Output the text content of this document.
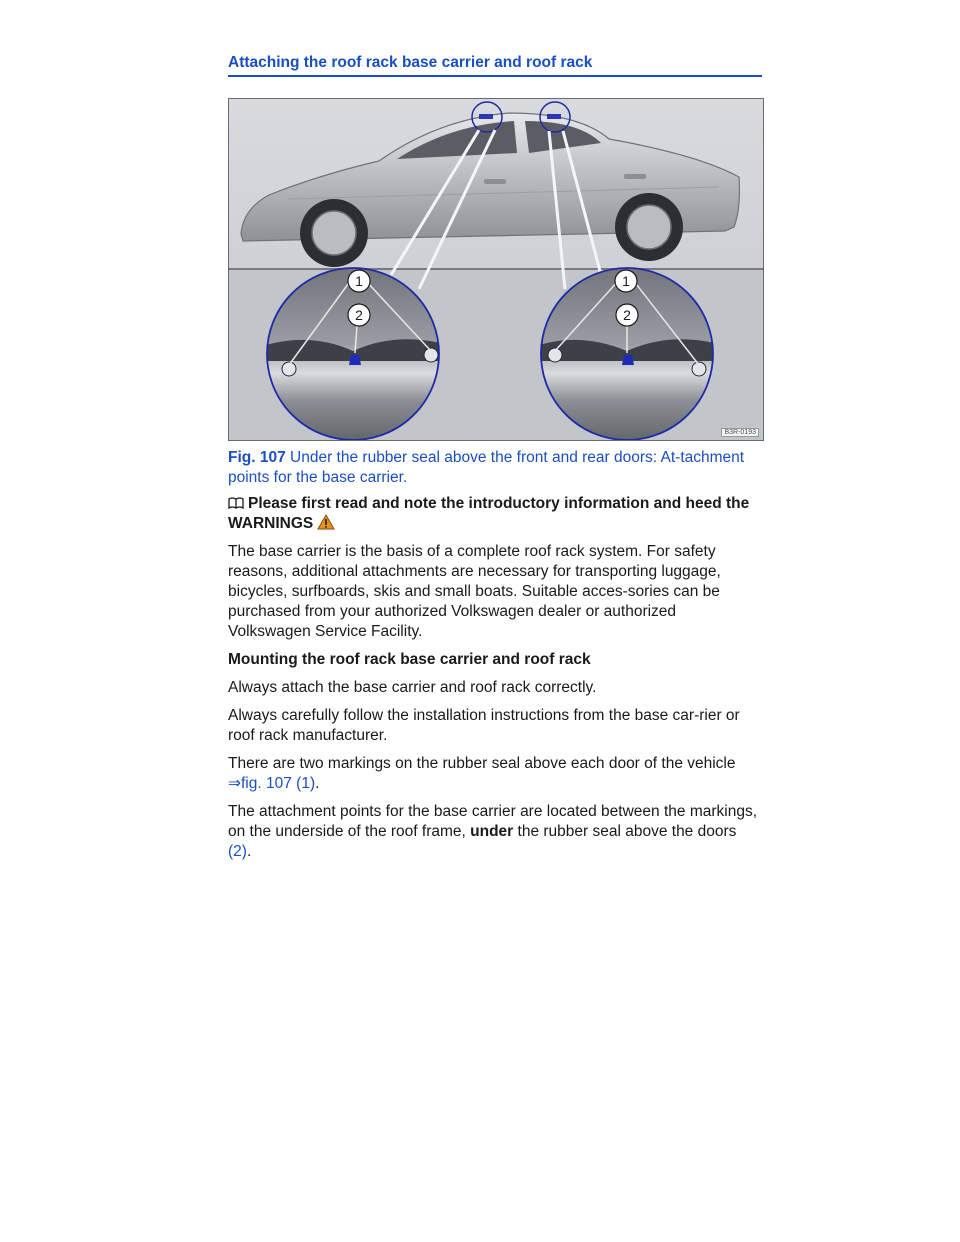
Attaching the roof rack base carrier and roof rack
1
2
1
2
B3R-0193
Fig. 107 Under the rubber seal above the front and rear doors: At-tachment points for the base carrier.

Please first read and note the introductory information and heed the WARNINGS

The base carrier is the basis of a complete roof rack system. For safety reasons, additional attachments are necessary for transporting luggage, bicycles, surfboards, skis and small boats. Suitable acces-sories can be purchased from your authorized Volkswagen dealer or authorized Volkswagen Service Facility.

Mounting the roof rack base carrier and roof rack

Always attach the base carrier and roof rack correctly.

Always carefully follow the installation instructions from the base car-rier or roof rack manufacturer.

There are two markings on the rubber seal above each door of the vehicle ⇒fig. 107 (1).

The attachment points for the base carrier are located between the markings, on the underside of the roof frame, under the rubber seal above the doors (2).
